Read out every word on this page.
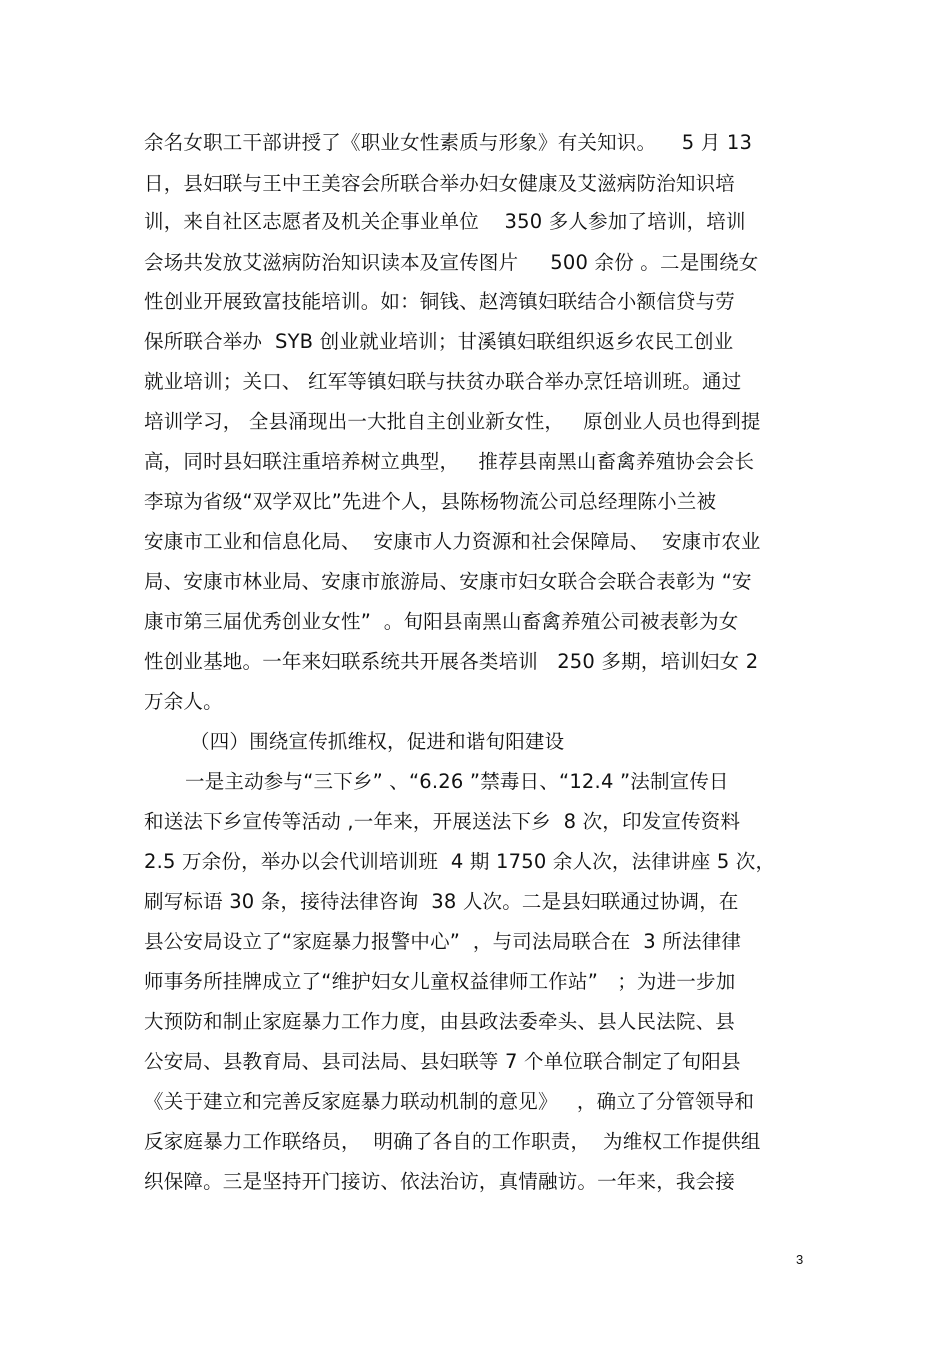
余名女职工干部讲授了《职业女性素质与形象》有关知识。    5 月 13

日，县妇联与王中王美容会所联合举办妇女健康及艾滋病防治知识培

训，来自社区志愿者及机关企事业单位    350 多人参加了培训，培训

会场共发放艾滋病防治知识读本及宣传图片     500 余份 。二是围绕女

性创业开展致富技能培训。如：铜钱、赵湾镇妇联结合小额信贷与劳

保所联合举办  SYB 创业就业培训；甘溪镇妇联组织返乡农民工创业

就业培训；关口、 红军等镇妇联与扶贫办联合举办烹饪培训班。通过

培训学习， 全县涌现出一大批自主创业新女性，   原创业人员也得到提

高，同时县妇联注重培养树立典型，   推荐县南黑山畜禽养殖协会会长

李琼为省级“双学双比”先进个人，县陈杨物流公司总经理陈小兰被

安康市工业和信息化局、  安康市人力资源和社会保障局、  安康市农业

局、安康市林业局、安康市旅游局、安康市妇女联合会联合表彰为 “安

康市第三届优秀创业女性”  。旬阳县南黑山畜禽养殖公司被表彰为女

性创业基地。一年来妇联系统共开展各类培训   250 多期，培训妇女 2

万余人。

（四）围绕宣传抓维权，促进和谐旬阳建设

一是主动参与“三下乡” 、“6.26 ”禁毒日、“12.4 ”法制宣传日

和送法下乡宣传等活动 ,一年来，开展送法下乡  8 次，印发宣传资料

2.5 万余份，举办以会代训培训班  4 期 1750 余人次，法律讲座 5 次，

刷写标语 30 条，接待法律咨询  38 人次。二是县妇联通过协调，在

县公安局设立了“家庭暴力报警中心”  ，与司法局联合在  3 所法律律

师事务所挂牌成立了“维护妇女儿童权益律师工作站”   ；为进一步加

大预防和制止家庭暴力工作力度，由县政法委牵头、县人民法院、县

公安局、县教育局、县司法局、县妇联等 7 个单位联合制定了旬阳县

《关于建立和完善反家庭暴力联动机制的意见》   ，确立了分管领导和

反家庭暴力工作联络员，  明确了各自的工作职责，  为维权工作提供组

织保障。三是坚持开门接访、依法治访，真情融访。一年来，我会接

3
